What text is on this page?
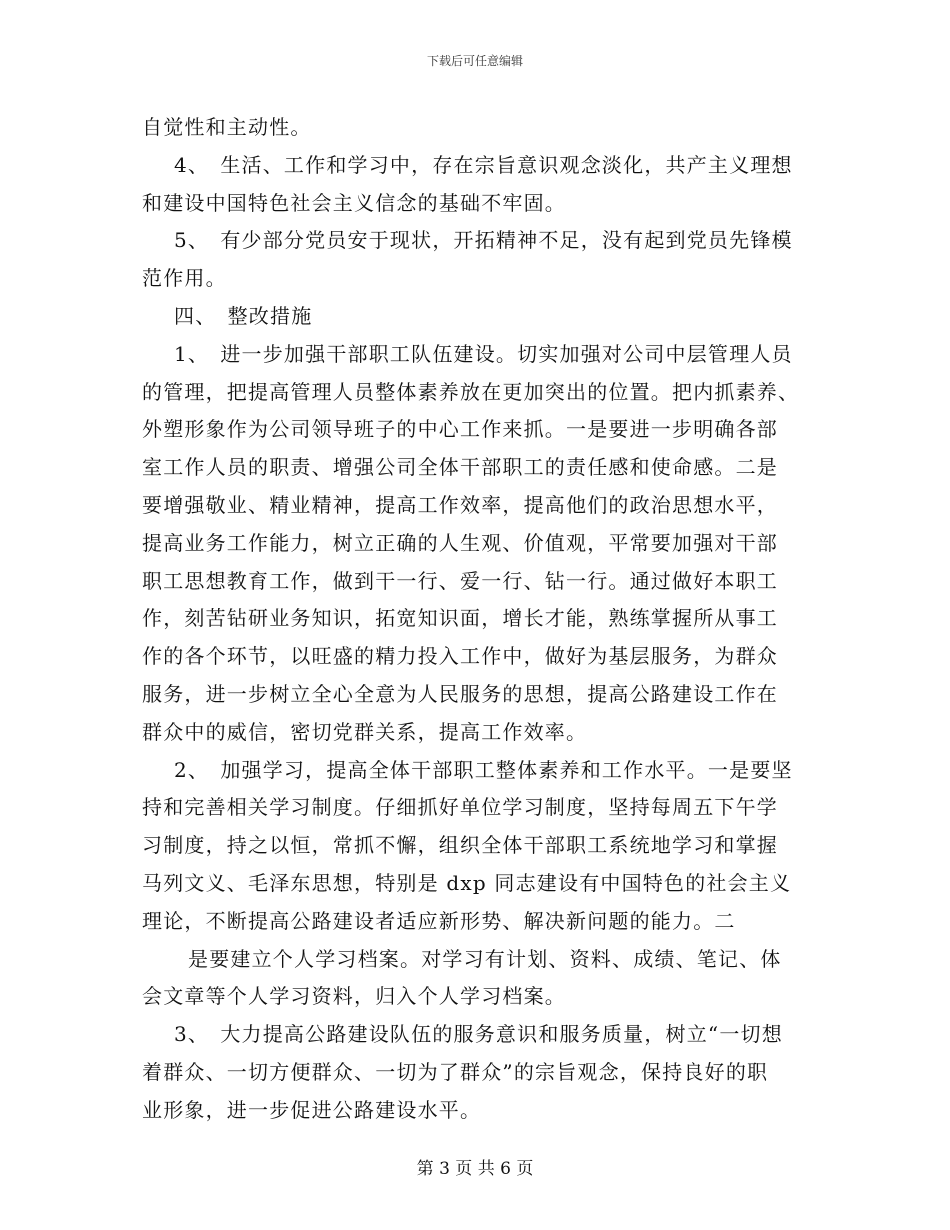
下载后可任意编辑
自觉性和主动性。
4、　生活、工作和学习中，存在宗旨意识观念淡化，共产主义理想
和建设中国特色社会主义信念的基础不牢固。
5、　有少部分党员安于现状，开拓精神不足，没有起到党员先锋模
范作用。
四、　整改措施
1、　进一步加强干部职工队伍建设。切实加强对公司中层管理人员
的管理，把提高管理人员整体素养放在更加突出的位置。把内抓素养、
外塑形象作为公司领导班子的中心工作来抓。一是要进一步明确各部
室工作人员的职责、增强公司全体干部职工的责任感和使命感。二是
要增强敬业、精业精神，提高工作效率，提高他们的政治思想水平，
提高业务工作能力，树立正确的人生观、价值观，平常要加强对干部
职工思想教育工作，做到干一行、爱一行、钻一行。通过做好本职工
作，刻苦钻研业务知识，拓宽知识面，增长才能，熟练掌握所从事工
作的各个环节，以旺盛的精力投入工作中，做好为基层服务，为群众
服务，进一步树立全心全意为人民服务的思想，提高公路建设工作在
群众中的威信，密切党群关系，提高工作效率。
2、　加强学习，提高全体干部职工整体素养和工作水平。一是要坚
持和完善相关学习制度。仔细抓好单位学习制度，坚持每周五下午学
习制度，持之以恒，常抓不懈，组织全体干部职工系统地学习和掌握
马列文义、毛泽东思想，特别是 dxp 同志建设有中国特色的社会主义
理论，不断提高公路建设者适应新形势、解决新问题的能力。二
是要建立个人学习档案。对学习有计划、资料、成绩、笔记、体
会文章等个人学习资料，归入个人学习档案。
3、　大力提高公路建设队伍的服务意识和服务质量，树立“一切想
着群众、一切方便群众、一切为了群众”的宗旨观念，保持良好的职
业形象，进一步促进公路建设水平。
第 3 页 共 6 页
